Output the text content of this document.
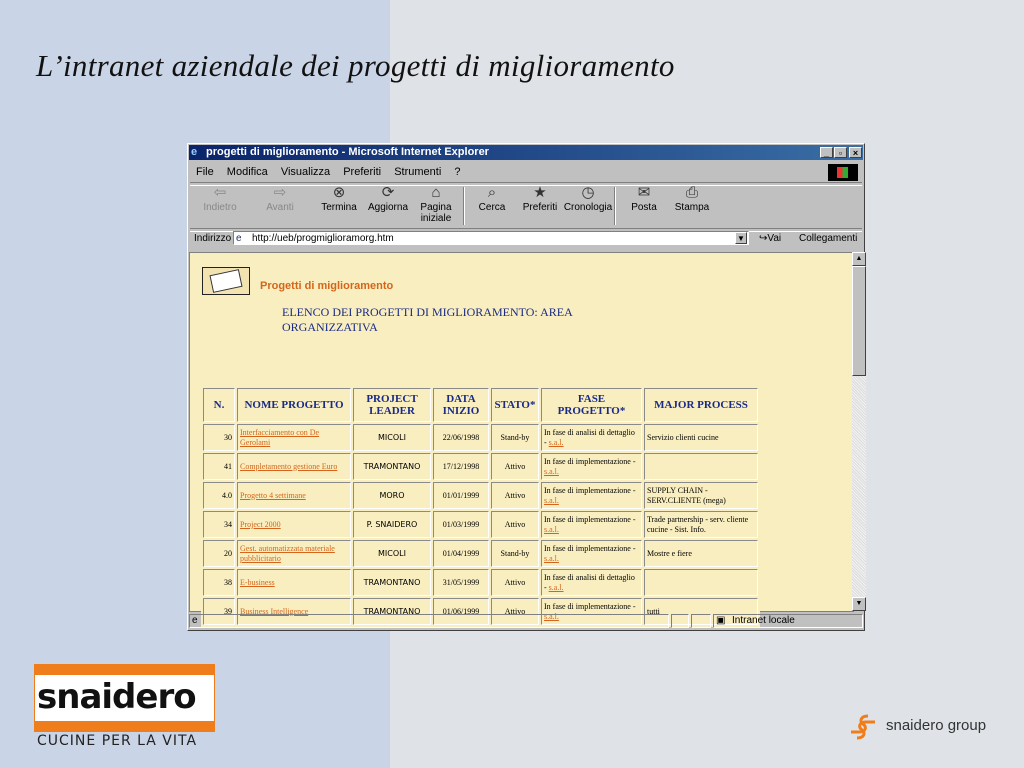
L’intranet aziendale dei progetti di miglioramento
e progetti di miglioramento - Microsoft Internet Explorer	_	▫	×
File Modifica Visualizza Preferiti Strumenti ?
⇦
Indietro
⇨
Avanti
⊗
Termina
⟳
Aggiorna
⌂
Pagina
iniziale
⌕
Cerca
★
Preferiti
◷
Cronologia
✉
Posta
⎙
Stampa
Indirizzo e http://ueb/progmiglioramorg.htm	▼ ↪Vai Collegamenti
Progetti di miglioramento
ELENCO DEI PROGETTI DI MIGLIORAMENTO: AREA ORGANIZZATIVA
N.	NOME PROGETTO	PROJECT LEADER	DATA INIZIO	STATO*	FASE PROGETTO*	MAJOR PROCESS
30	Interfacciamento con De Gerolami	MICOLI	22/06/1998	Stand-by	In fase di analisi di dettaglio - s.a.l.	Servizio clienti cucine
41	Completamento gestione Euro	TRAMONTANO	17/12/1998	Attivo	In fase di implementazione - s.a.l.	
4.0	Progetto 4 settimane	MORO	01/01/1999	Attivo	In fase di implementazione - s.a.l.	SUPPLY CHAIN - SERV.CLIENTE (mega)
34	Project 2000	P. SNAIDERO	01/03/1999	Attivo	In fase di implementazione - s.a.l.	Trade partnership - serv. cliente cucine - Sist. Info.
20	Gest. automatizzata materiale pubblicitario	MICOLI	01/04/1999	Stand-by	In fase di implementazione - s.a.l.	Mostre e fiere
38	E-business	TRAMONTANO	31/05/1999	Attivo	In fase di analisi di dettaglio - s.a.l.	
39	Business Intelligence	TRAMONTANO	01/06/1999	Attivo	In fase di implementazione - s.a.l.	tutti
▲
▼
e	▣ Intranet locale
snaidero
CUCINE PER LA VITA
snaidero group
